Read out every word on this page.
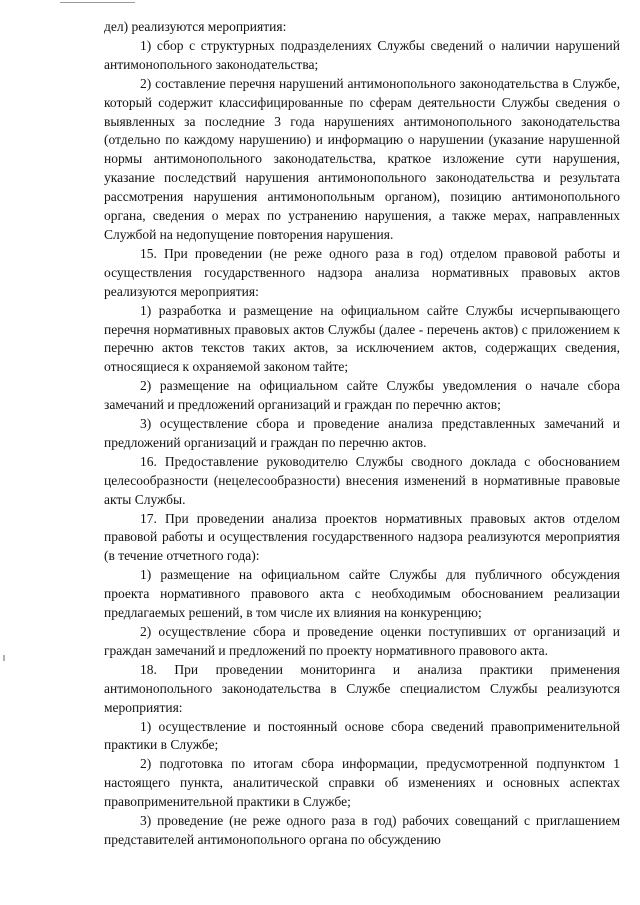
дел) реализуются мероприятия:

1) сбор с структурных подразделениях Службы сведений о наличии нарушений антимонопольного законодательства;

2) составление перечня нарушений антимонопольного законодательства в Службе, который содержит классифицированные по сферам деятельности Службы сведения о выявленных за последние 3 года нарушениях антимонопольного законодательства (отдельно по каждому нарушению) и информацию о нарушении (указание нарушенной нормы антимонопольного законодательства, краткое изложение сути нарушения, указание последствий нарушения антимонопольного законодательства и результата рассмотрения нарушения антимонопольным органом), позицию антимонопольного органа, сведения о мерах по устранению нарушения, а также мерах, направленных Службой на недопущение повторения нарушения.

15. При проведении (не реже одного раза в год) отделом правовой работы и осуществления государственного надзора анализа нормативных правовых актов реализуются мероприятия:

1) разработка и размещение на официальном сайте Службы исчерпывающего перечня нормативных правовых актов Службы (далее - перечень актов) с приложением к перечню актов текстов таких актов, за исключением актов, содержащих сведения, относящиеся к охраняемой законом тайте;

2) размещение на официальном сайте Службы уведомления о начале сбора замечаний и предложений организаций и граждан по перечню актов;

3) осуществление сбора и проведение анализа представленных замечаний и предложений организаций и граждан по перечню актов.

16. Предоставление руководителю Службы сводного доклада с обоснованием целесообразности (нецелесообразности) внесения изменений в нормативные правовые акты Службы.

17. При проведении анализа проектов нормативных правовых актов отделом правовой работы и осуществления государственного надзора реализуются мероприятия (в течение отчетного года):

1) размещение на официальном сайте Службы для публичного обсуждения проекта нормативного правового акта с необходимым обоснованием реализации предлагаемых решений, в том числе их влияния на конкуренцию;

2) осуществление сбора и проведение оценки поступивших от организаций и граждан замечаний и предложений по проекту нормативного правового акта.

18. При проведении мониторинга и анализа практики применения антимонопольного законодательства в Службе специалистом Службы реализуются мероприятия:

1) осуществление и постоянный основе сбора сведений правоприменительной практики в Службе;

2) подготовка по итогам сбора информации, предусмотренной подпунктом 1 настоящего пункта, аналитической справки об изменениях и основных аспектах правоприменительной практики в Службе;

3) проведение (не реже одного раза в год) рабочих совещаний с приглашением представителей антимонопольного органа по обсуждению
